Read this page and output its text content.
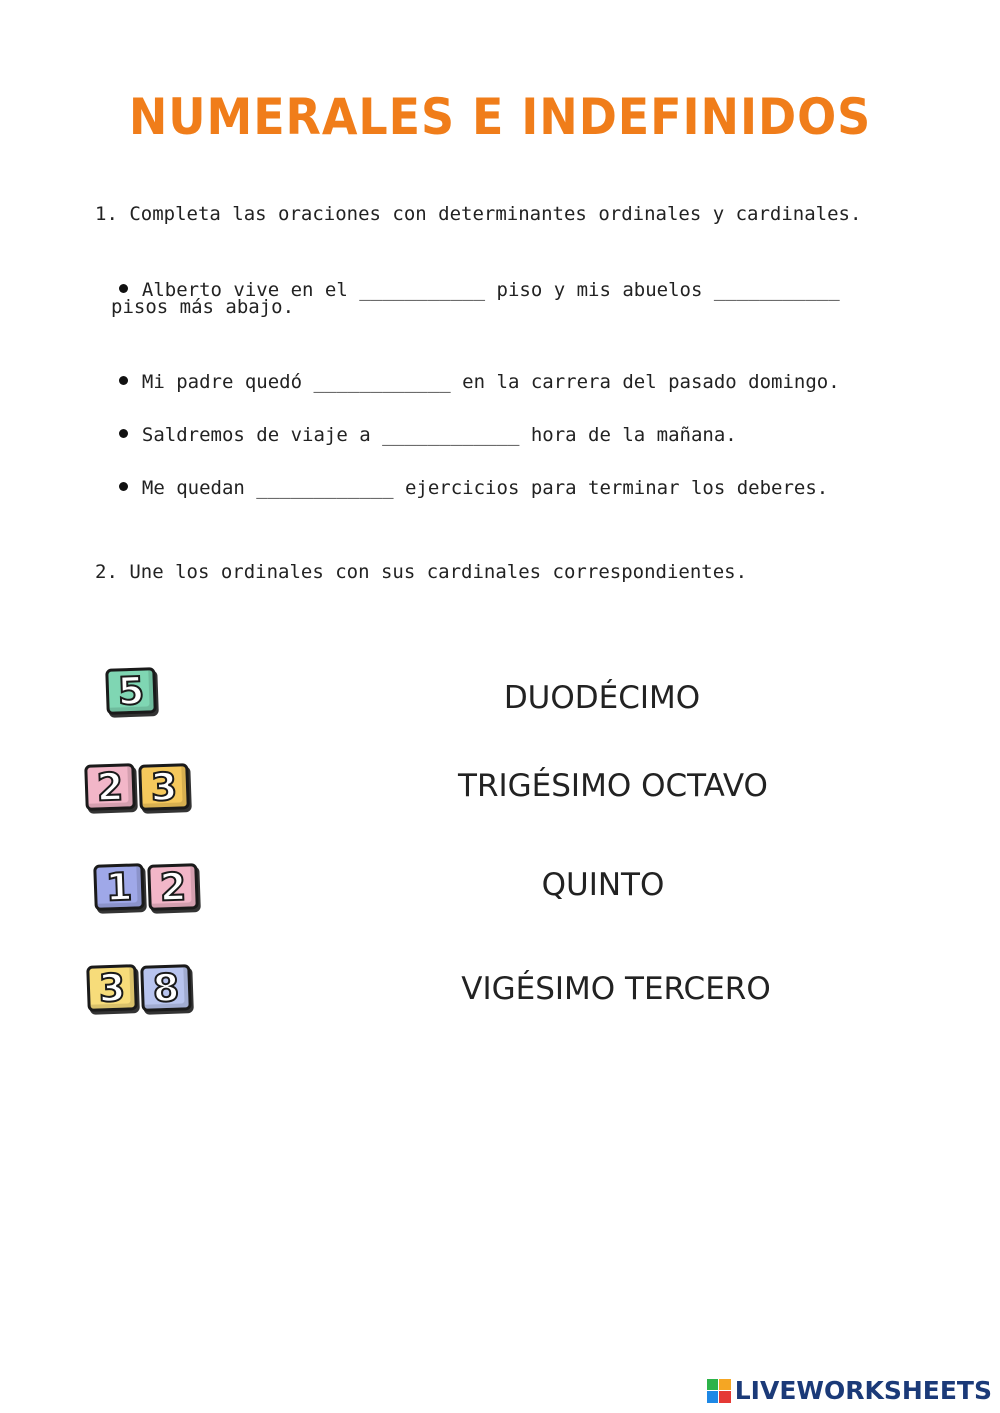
NUMERALES E INDEFINIDOS
1. Completa las oraciones con determinantes ordinales y cardinales.

Alberto vive en el ___________ piso y mis abuelos ___________

pisos más abajo.

Mi padre quedó ____________ en la carrera del pasado domingo.

Saldremos de viaje a ____________ hora de la mañana.

Me quedan ____________ ejercicios para terminar los deberes.

2. Une los ordinales con sus cardinales correspondientes.
5
2 3
1 2
3 8
DUODÉCIMO
TRIGÉSIMO OCTAVO
QUINTO
VIGÉSIMO TERCERO
LIVEWORKSHEETS
